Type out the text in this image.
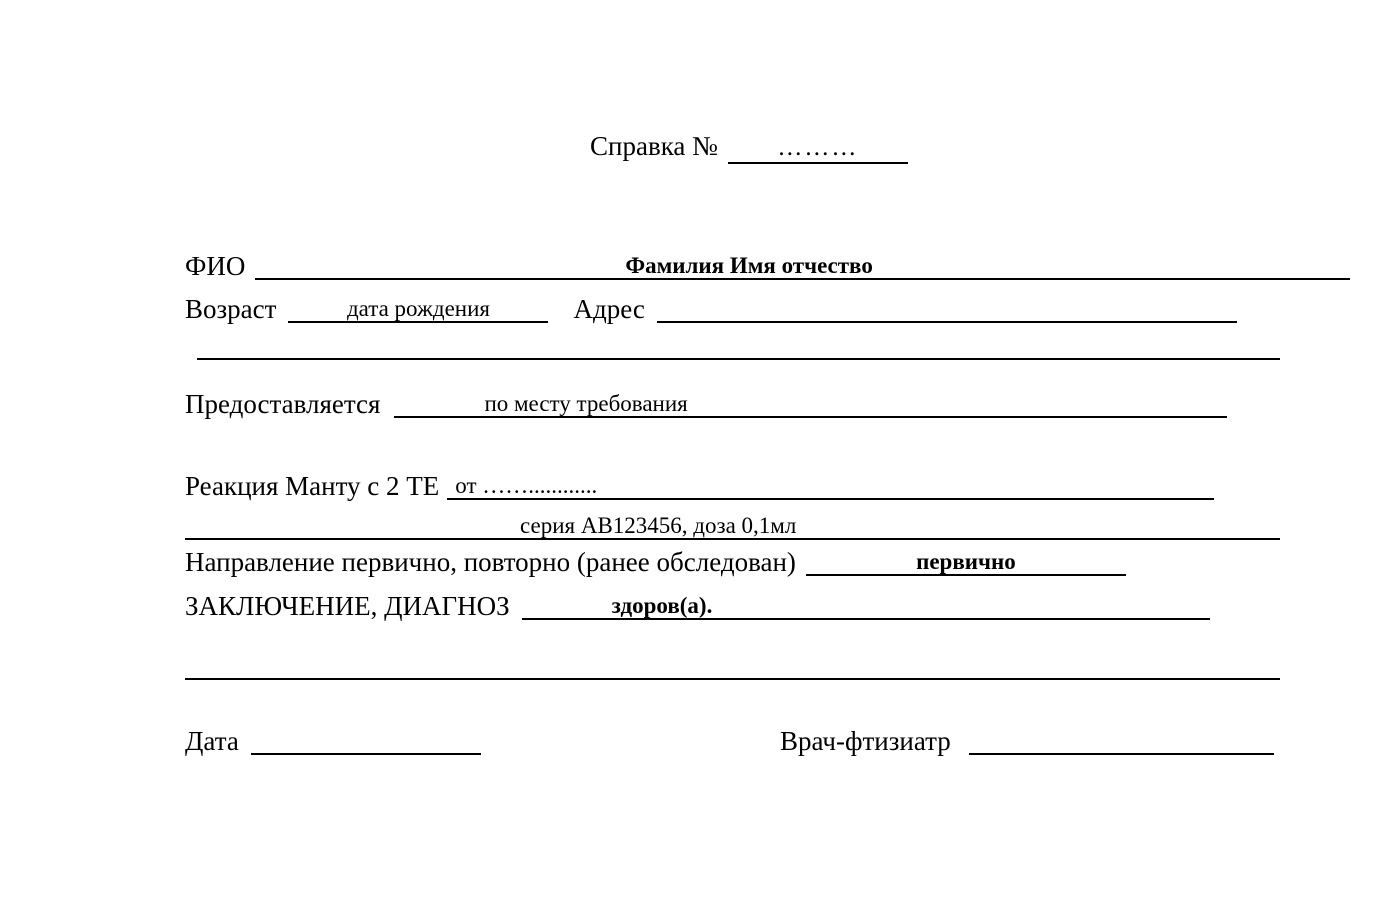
Справка №	………
ФИО	Фамилия Имя отчество
Возраст	дата рождения	Адрес
Предоставляется	по месту требования
Реакция Манту с 2 ТЕ от ……............
серия АВ123456, доза 0,1мл
Направление первично, повторно (ранее обследован)	первично
ЗАКЛЮЧЕНИЕ, ДИАГНОЗ	здоров(а).
Дата	Врач-фтизиатр
